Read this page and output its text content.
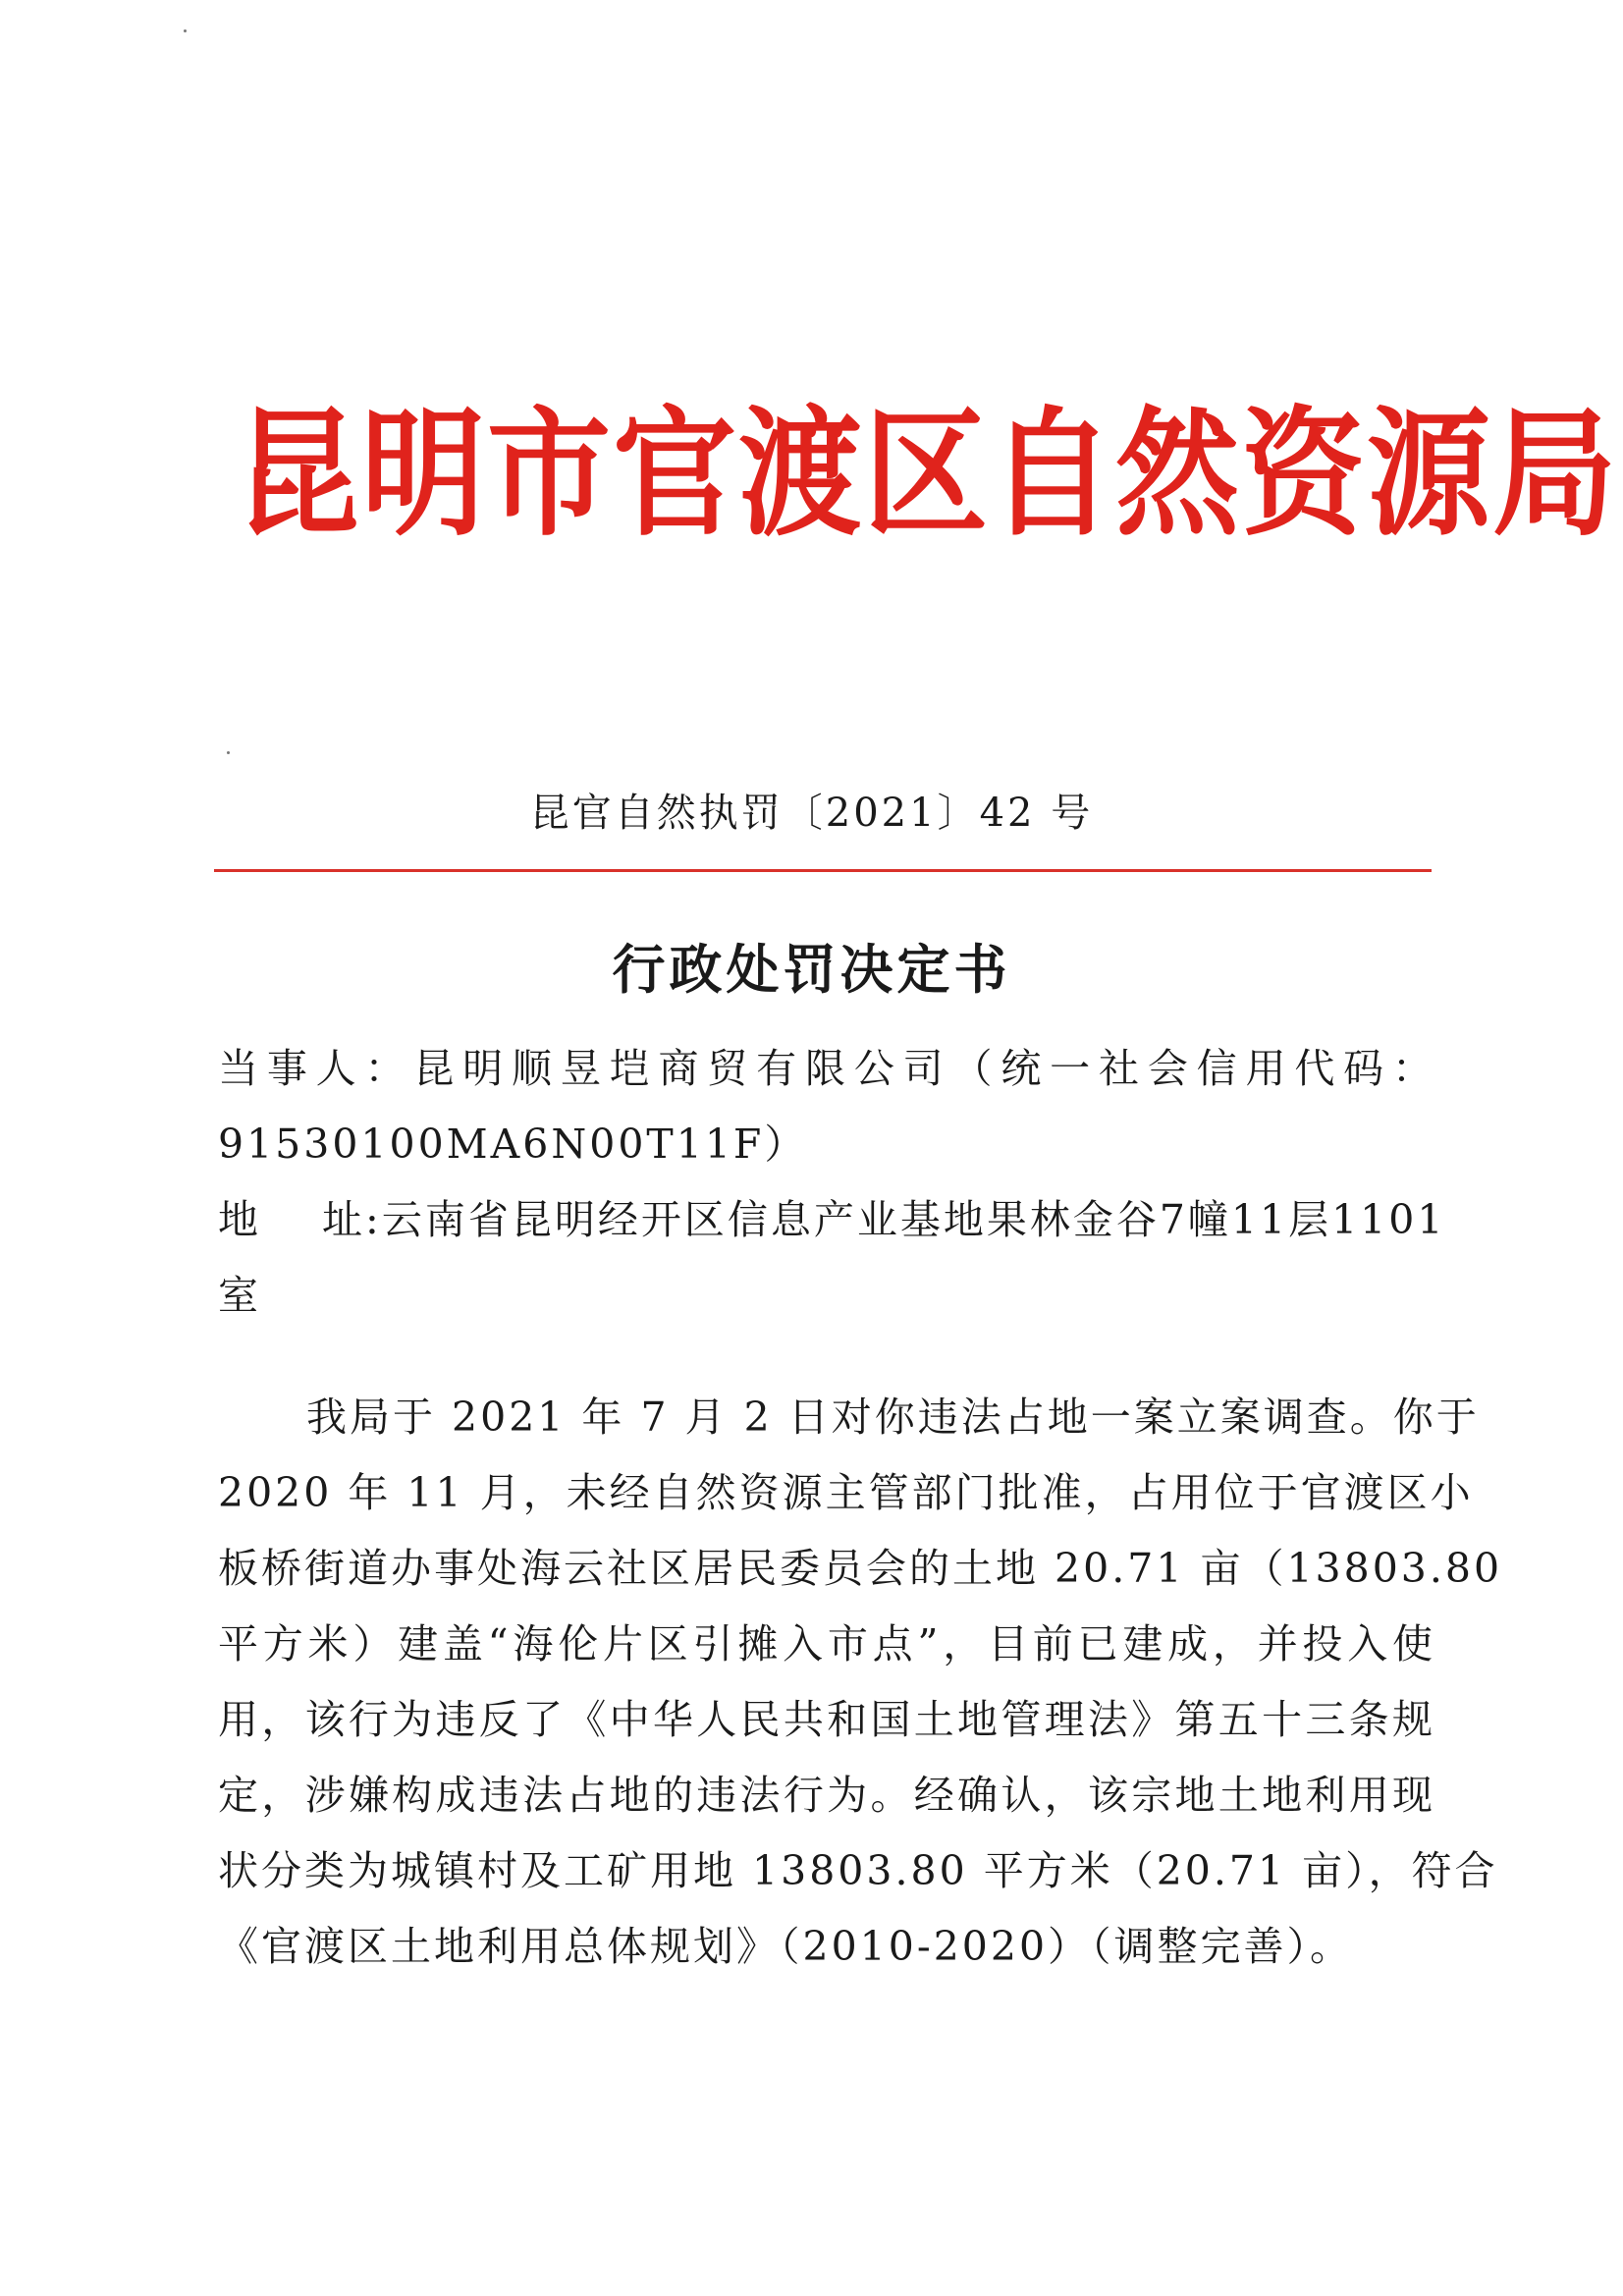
昆明市官渡区自然资源局
昆官自然执罚〔2021〕42 号
行政处罚决定书
当事人：昆明顺昱垲商贸有限公司（统一社会信用代码：
91530100MA6N00T11F）
地 址:云南省昆明经开区信息产业基地果林金谷7幢11层1101
室
我局于 2021 年 7 月 2 日对你违法占地一案立案调查。你于
2020 年 11 月，未经自然资源主管部门批准，占用位于官渡区小
板桥街道办事处海云社区居民委员会的土地 20.71 亩（13803.80
平方米）建盖“海伦片区引摊入市点”，目前已建成，并投入使
用，该行为违反了《中华人民共和国土地管理法》第五十三条规
定，涉嫌构成违法占地的违法行为。经确认，该宗地土地利用现
状分类为城镇村及工矿用地 13803.80 平方米（20.71 亩），符合
《官渡区土地利用总体规划》（2010-2020）（调整完善）。
